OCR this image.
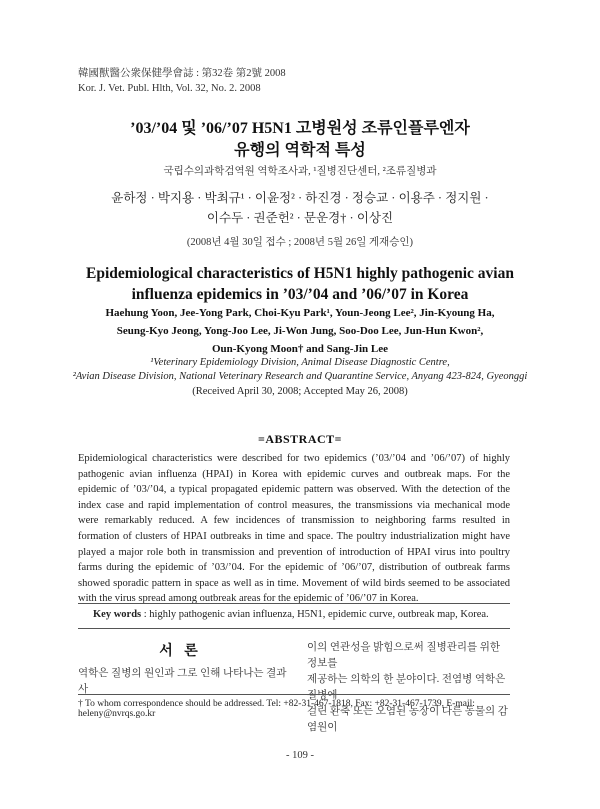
韓國獸醫公衆保健學會誌 : 第32卷 第2號 2008
Kor. J. Vet. Publ. Hlth, Vol. 32, No. 2. 2008
’03/’04 및 ’06/’07 H5N1 고병원성 조류인플루엔자
유행의 역학적 특성
국립수의과학검역원 역학조사과, ¹질병진단센터, ²조류질병과
윤하정 · 박지용 · 박최규¹ · 이윤정² · 하진경 · 정승교 · 이용주 · 정지원 ·
이수두 · 권준헌² · 문운경† · 이상진
(2008년 4월 30일 접수 ; 2008년 5월 26일 게재승인)
Epidemiological characteristics of H5N1 highly pathogenic avian
influenza epidemics in ’03/’04 and ’06/’07 in Korea
Haehung Yoon, Jee-Yong Park, Choi-Kyu Park¹, Youn-Jeong Lee², Jin-Kyoung Ha,
Seung-Kyo Jeong, Yong-Joo Lee, Ji-Won Jung, Soo-Doo Lee, Jun-Hun Kwon²,
Oun-Kyong Moon† and Sang-Jin Lee
¹Veterinary Epidemiology Division, Animal Disease Diagnostic Centre,
²Avian Disease Division, National Veterinary Research and Quarantine Service, Anyang 423-824, Gyeonggi
(Received April 30, 2008; Accepted May 26, 2008)
=ABSTRACT=
Epidemiological characteristics were described for two epidemics (’03/’04 and ’06/’07) of highly pathogenic avian influenza (HPAI) in Korea with epidemic curves and outbreak maps. For the epidemic of ’03/’04, a typical propagated epidemic pattern was observed. With the detection of the index case and rapid implementation of control measures, the transmissions via mechanical mode were remarkably reduced. A few incidences of transmission to neighboring farms resulted in formation of clusters of HPAI outbreaks in time and space. The poultry industrialization might have played a major role both in transmission and prevention of introduction of HPAI virus into poultry farms during the epidemic of ’03/’04. For the epidemic of ’06/’07, distribution of outbreak farms showed sporadic pattern in space as well as in time. Movement of wild birds seemed to be associated with the virus spread among outbreak areas for the epidemic of ’06/’07 in Korea.
Key words : highly pathogenic avian influenza, H5N1, epidemic curve, outbreak map, Korea.
서 론
역학은 질병의 원인과 그로 인해 나타나는 결과 사
이의 연관성을 밝힘으로써 질병관리를 위한 정보를
제공하는 의학의 한 분야이다. 전염병 역학은 질병에
걸린 환축 또는 오염된 농장이 다른 동물의 감염원이
† To whom correspondence should be addressed. Tel: +82-31-467-1818, Fax: +82-31-467-1739, E-mail: heleny@nvrqs.go.kr
- 109 -
